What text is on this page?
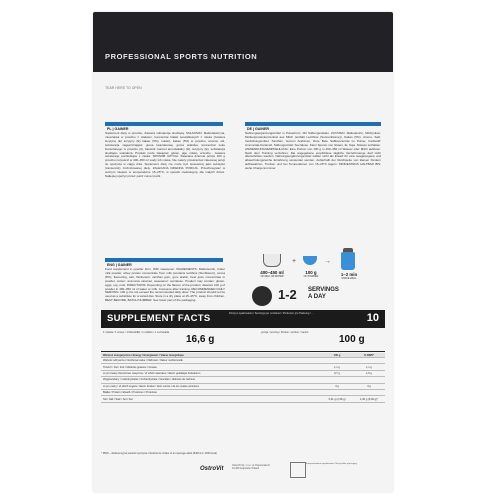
PROFESSIONAL SPORTS NUTRITION
TEAR HERE TO OPEN
PL | GAINER
Suplement diety w proszku. Zawiera substancje słodzącą. SKŁADNIKI: Maltodekstryna, mieszanka w proszku z mlekiem, koncentrat białek serwatkowych z mleka (zawiera lecytynę (E) lecytyny (E) kakao (5%), cukier), kakao (5%) w proszku, aromat, sól, substancja zagęszczająca: guma ksantanowa, guma arabska, koncentrat soku buraczanego w proszku (4), barwnik: karmel amoniakalny (E), lecytyny (E), substancja słodząca: sukraloza. Produkt może zawierać: gluten, jaja, mleko, orzechy... zawiera substancje pochodzące z mleka. SPOSÓB UŻYCIA: Zalecana dzienna porcja 100 g proszku rozpuścić w 400–450 ml wody lub mleka. Nie należy przekraczać zalecanej porcji do spożycia w ciągu dnia. Suplement diety nie może być stosowany jako substytut (zamiennik) zróżnicowanej diety. ZALECANA DZIENNA PORCJA. Przechowywać w suchym miejscu w temperaturze 15–25°C, w sposób niedostępny dla małych dzieci. Najlepiej spożyć przed: patrz numer partii.
DE | GAINER
Nahrungsergänzungsmittel in Pulverform. Mit Süßungsmitteln. ZUTATEN: Maltodextrin, Milchpulver, Molkenproteinkonzentrat aus Milch (enthält Lecithine (Sonnenblume)), Kakao (5%), Aroma, Salz, Verdickungsmittel: Xanthan, Gummi Arabicum, Rote Bete Saftkonzentrat im Pulver, Farbstoff: Ammoniak-Karamell, Süßungsmittel: Sucralose. Kann Spuren von Gluten, Ei, Soja, Nüssen enthalten. ANWENDUNGSEMPFEHLUNG: Eine Portion von 100 g in 400–450 ml Wasser oder Milch auflösen. Nach dem Training verzehren. Die angegebene empfohlene tägliche Verzehrmenge darf nicht überschritten werden. Nahrungsergänzungsmittel sollten nicht als Ersatz für eine ausgewogene und abwechslungsreiche Ernährung verwendet werden. Außerhalb der Reichweite von kleinen Kindern aufbewahren. Trocken und bei Temperaturen von 15–25°C lagern. MINDESTENS HALTBAR BIS: siehe Chargennummer.
ENG | GAINER
Food supplement in powder form. With sweetener. INGREDIENTS: Maltodextrin, butter milk powder, whey protein concentrate from milk (contains lecithins (Sunflower)), cocoa (5%), flavouring, salt, thickeners: xanthan gum, gum arabic, beet juice concentrate in powder, colour: ammonia caramel, sweetener: sucralose. Product may contain: gluten, eggs, soy, nuts. DIRECTIONS: Depending on the flavour of the product: dissolve 100 g of powder in 400–450 ml of water or milk. Consume after training. RECOMMENDED DAILY SERVING: 100 g. Do not exceed the recommended daily dose. The product should not be used as a substitute for a varied diet. Store in a dry place at 15–25°C, away from children. BEST BEFORE, BATCH NUMBER: See lower part of the packaging.
400–450 ml
OF MILK OR WATER
+
100 g
OF POWDER
→
1–2 min
SHAKE WELL
1-2 SERVINGS
A DAY
SUPPLEMENT FACTS	Porcji w opakowaniu / Servings per container / Portionen pro Packung / ...	10
1 miarka / 1 scoop / 1 Messlöffel / 1 cuillère / 1 cucharada
16,6 g
porcja / serving / Portion / portion / ración
100 g
Wartość energetyczna / Energy / Energiewert / Valeur énergétique	100 g	% RWS*
Wartość odżywcza / Nutritional value / Nährwert / Valeur nutritionnelle		
Tłuszcz / Fat / Fett / Matières grasses / Grasas	1,1 g	1,1 g
w tym kwasy tłuszczowe nasycone / of which saturates / davon gesättigte Fettsäuren	0,7 g	1,6 g
Węglowodany / Carbohydrates / Kohlenhydrate / Glucides / Hidratos de carbono		
w tym cukry / of which sugars / davon Zucker / dont sucres / de los cuales azúcares	3 g	3 g
Białko / Protein / Eiweiß / Protéines / Proteínas		
Sól / Salt / Salz / Sel / Sal	0,41 g (2,38 g)	1,00 g (6,00 g)*
* RWS – Referencyjna wartość spożycia / Reference intake of an average adult (8400 kJ / 2000 kcal)
OstroVit
OstroVit Sp. z o.o. ul. Pojezierska 5, 16-300 Augustów, Poland
Kompostowalne opakowanie / Recyclable packaging
